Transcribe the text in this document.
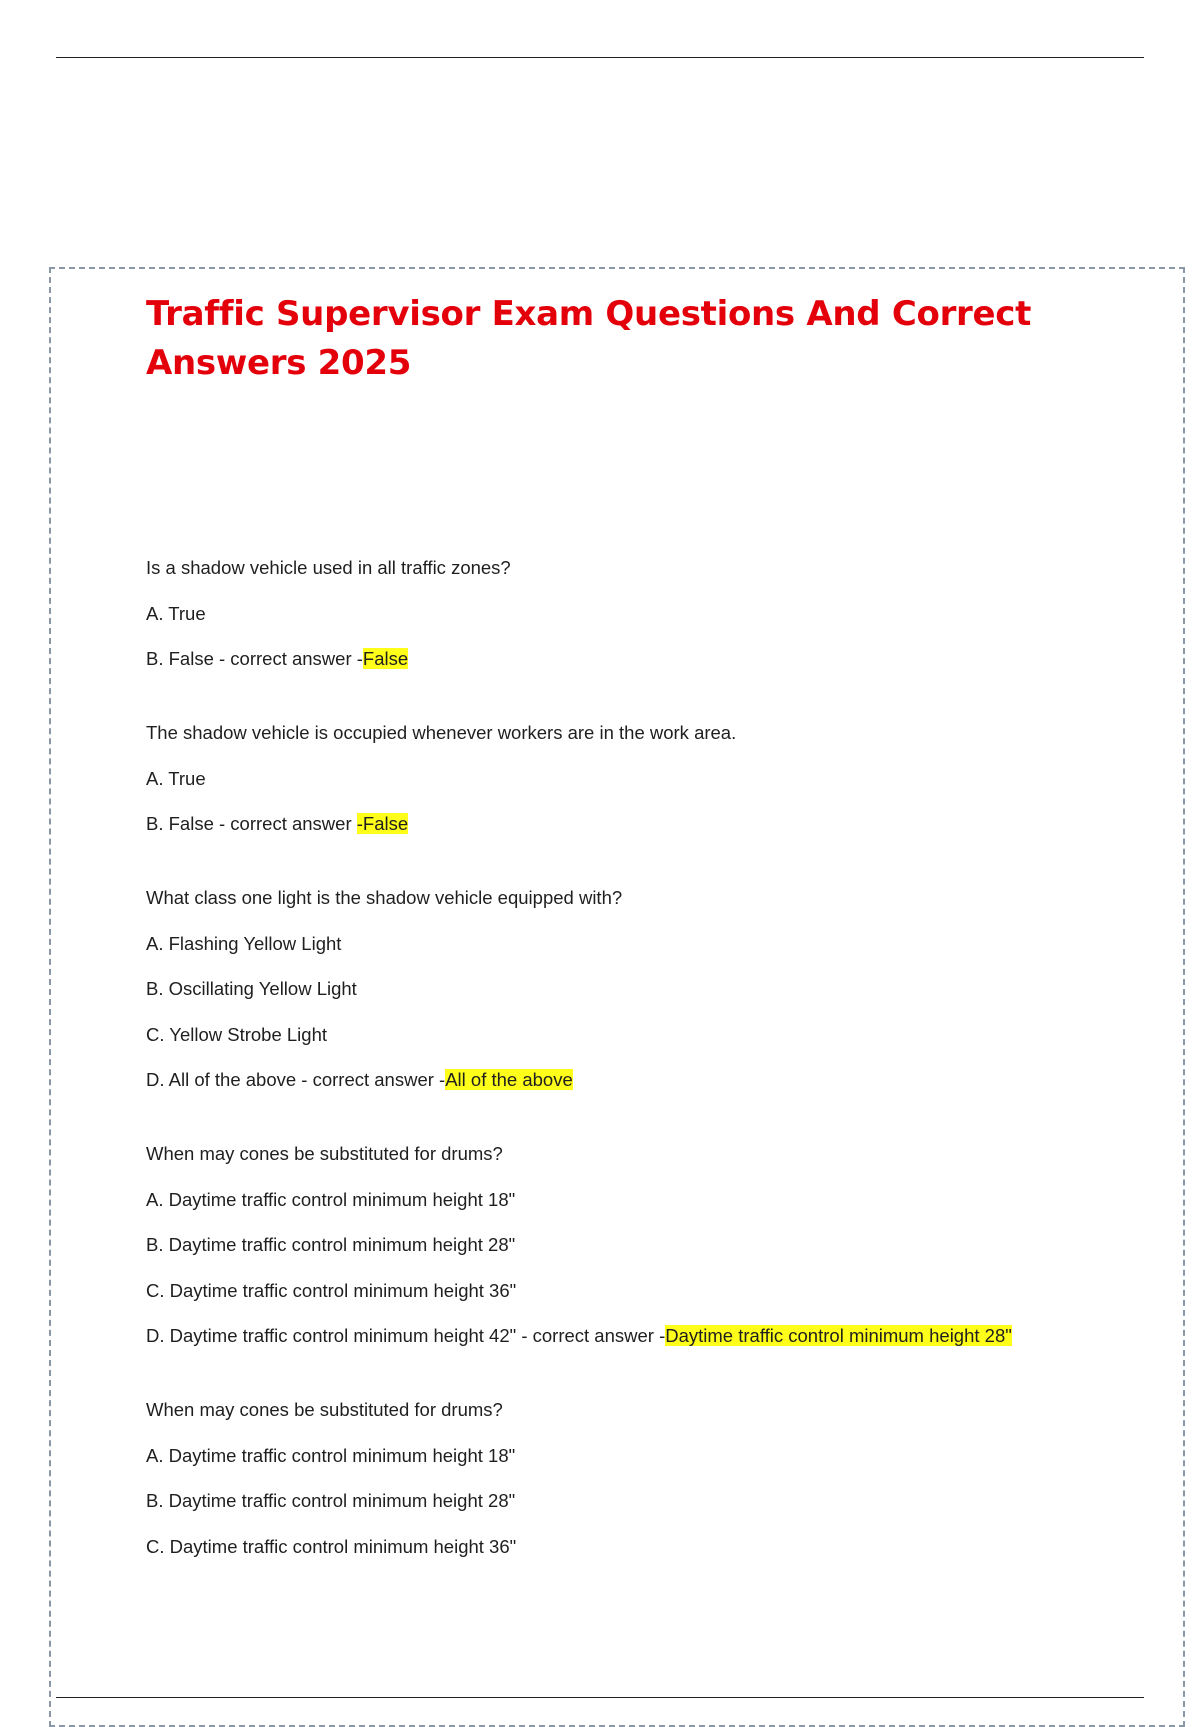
Traffic Supervisor Exam Questions And Correct Answers 2025

Is a shadow vehicle used in all traffic zones?

A. True

B. False - correct answer -False

The shadow vehicle is occupied whenever workers are in the work area.

A. True

B. False - correct answer -False

What class one light is the shadow vehicle equipped with?

A. Flashing Yellow Light

B. Oscillating Yellow Light

C. Yellow Strobe Light

D. All of the above - correct answer -All of the above

When may cones be substituted for drums?

A. Daytime traffic control minimum height 18"

B. Daytime traffic control minimum height 28"

C. Daytime traffic control minimum height 36"

D. Daytime traffic control minimum height 42" - correct answer -Daytime traffic control minimum height 28"

When may cones be substituted for drums?

A. Daytime traffic control minimum height 18"

B. Daytime traffic control minimum height 28"

C. Daytime traffic control minimum height 36"
